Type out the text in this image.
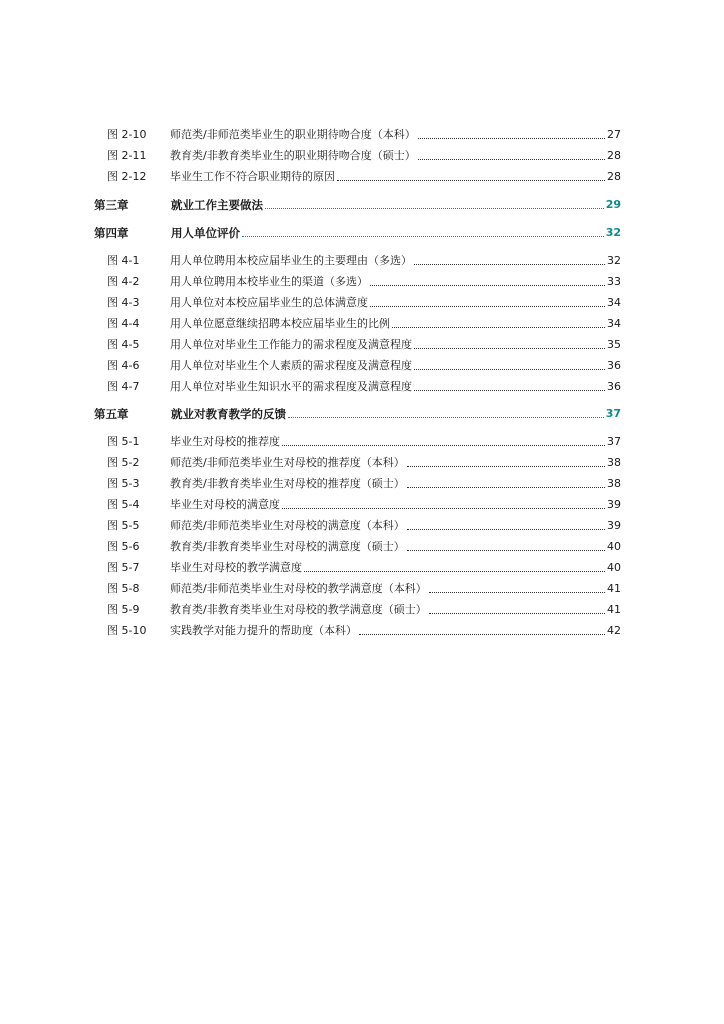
图 2-10	师范类/非师范类毕业生的职业期待吻合度（本科）	27
图 2-11	教育类/非教育类毕业生的职业期待吻合度（硕士）	28
图 2-12	毕业生工作不符合职业期待的原因	28
第三章	就业工作主要做法	29
第四章	用人单位评价	32
图 4-1	用人单位聘用本校应届毕业生的主要理由（多选）	32
图 4-2	用人单位聘用本校毕业生的渠道（多选）	33
图 4-3	用人单位对本校应届毕业生的总体满意度	34
图 4-4	用人单位愿意继续招聘本校应届毕业生的比例	34
图 4-5	用人单位对毕业生工作能力的需求程度及满意程度	35
图 4-6	用人单位对毕业生个人素质的需求程度及满意程度	36
图 4-7	用人单位对毕业生知识水平的需求程度及满意程度	36
第五章	就业对教育教学的反馈	37
图 5-1	毕业生对母校的推荐度	37
图 5-2	师范类/非师范类毕业生对母校的推荐度（本科）	38
图 5-3	教育类/非教育类毕业生对母校的推荐度（硕士）	38
图 5-4	毕业生对母校的满意度	39
图 5-5	师范类/非师范类毕业生对母校的满意度（本科）	39
图 5-6	教育类/非教育类毕业生对母校的满意度（硕士）	40
图 5-7	毕业生对母校的教学满意度	40
图 5-8	师范类/非师范类毕业生对母校的教学满意度（本科）	41
图 5-9	教育类/非教育类毕业生对母校的教学满意度（硕士）	41
图 5-10	实践教学对能力提升的帮助度（本科）	42
